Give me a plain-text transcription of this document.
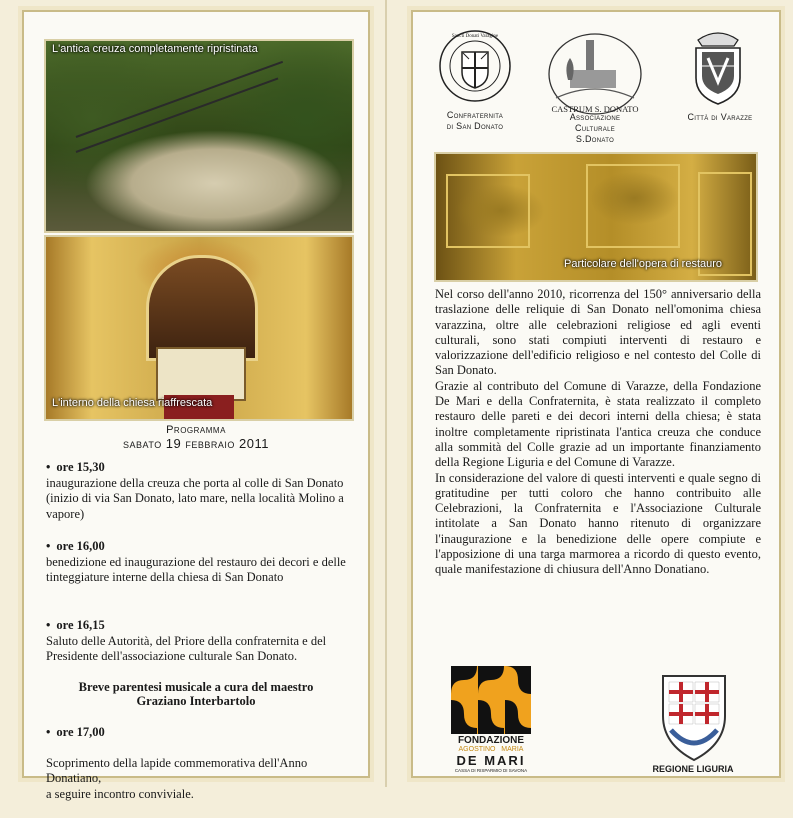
L'antica creuza completamente ripristinata
L'interno della chiesa riaffrescata
Programma
sabato 19 febbraio 2011
• ore 15,30
inaugurazione della creuza che porta al colle di San Donato (inizio di via San Donato, lato mare, nella località Molino a vapore)
• ore 16,00
benedizione ed inaugurazione del restauro dei decori e delle tinteggiature interne della chiesa di San Donato
• ore 16,15
Saluto delle Autorità, del Priore della confraternita e del Presidente dell'associazione culturale San Donato.
Breve parentesi musicale a cura del maestro
Graziano Interbartolo

• ore 17,00

Scoprimento della lapide commemorativa dell'Anno Donatiano,
a seguire incontro conviviale.

Sancti Donati Varagine
Confraternita
di San Donato
CASTRUM S. DONATO
Associazione
Culturale
S.Donato
Città di Varazze
Particolare dell'opera di restauro

Nel corso dell'anno 2010, ricorrenza del 150° anniversario della traslazione delle reliquie di San Donato nell'omonima chiesa varazzina, oltre alle celebrazioni religiose ed agli eventi culturali, sono stati compiuti interventi di restauro e valorizzazione dell'edificio religioso e nel contesto del Colle di San Donato.

Grazie al contributo del Comune di Varazze, della Fondazione De Mari e della Confraternita, è stata realizzato il completo restauro delle pareti e dei decori interni della chiesa; è stata inoltre completamente ripristinata l'antica creuza che conduce alla sommità del Colle grazie ad un importante finanziamento della Regione Liguria e del Comune di Varazze.

In considerazione del valore di questi interventi e quale segno di gratitudine per tutti coloro che hanno contribuito alle Celebrazioni, la Confraternita e l'Associazione Culturale intitolate a San Donato hanno ritenuto di organizzare l'inaugurazione e la benedizione delle opere compiute e l'apposizione di una targa marmorea a ricordo di questo evento, quale manifestazione di chiusura dell'Anno Donatiano.

FONDAZIONE
AGOSTINO   MARIA
DE MARI
CASSA DI RISPARMIO DI SAVONA	REGIONE LIGURIA
